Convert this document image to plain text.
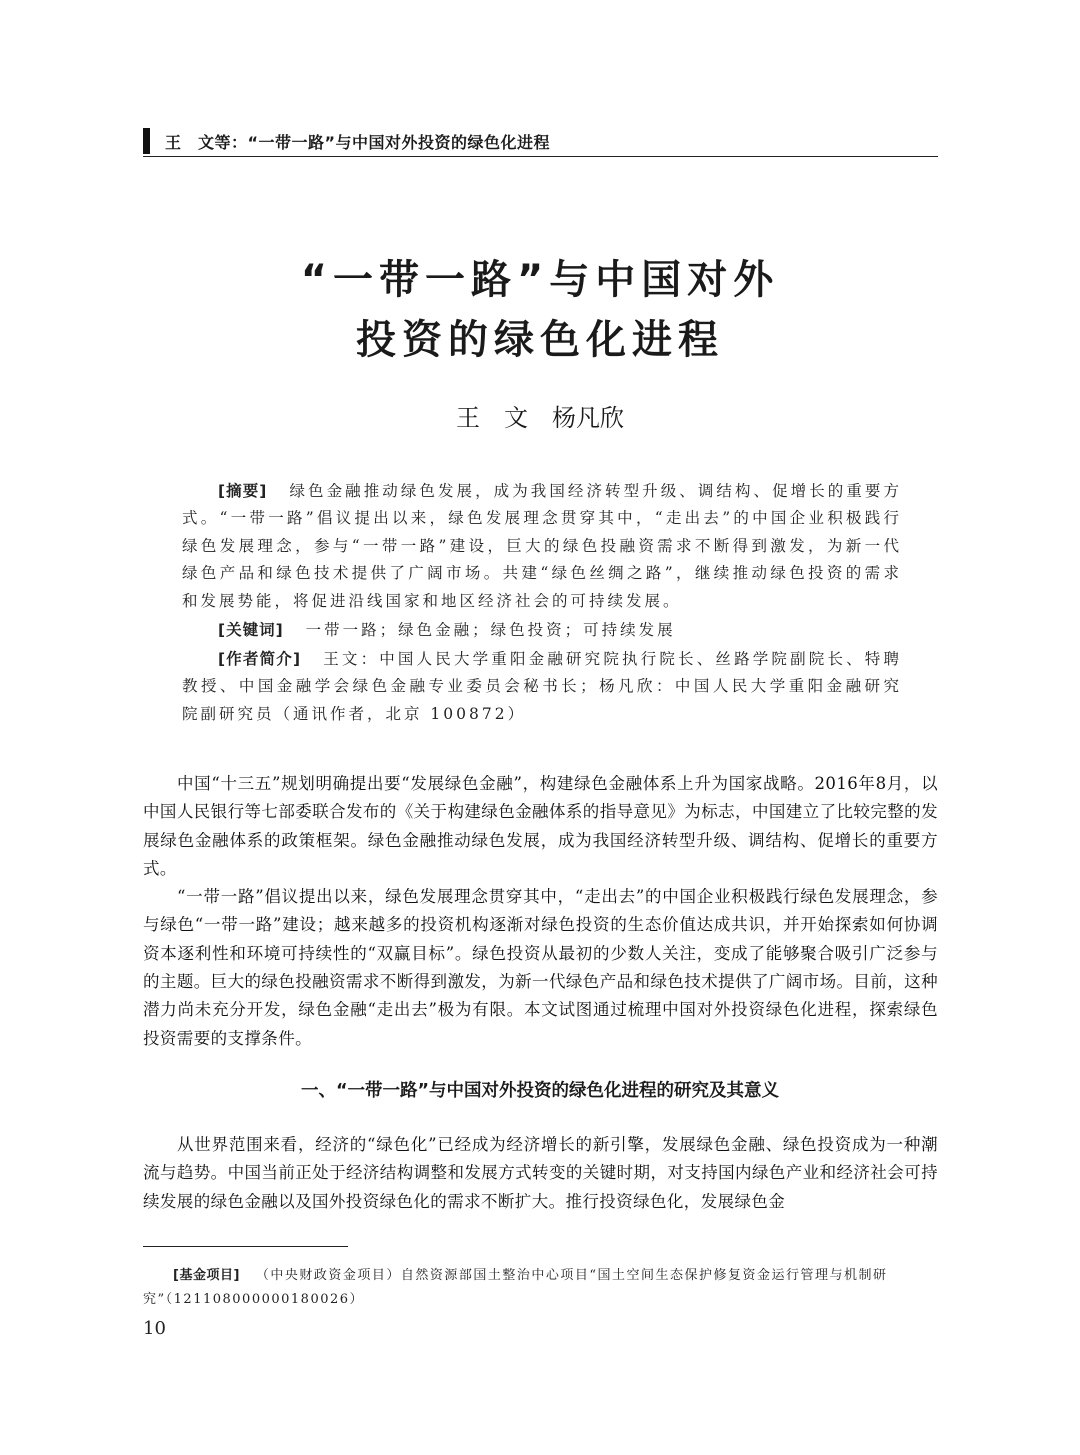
王　文等：“一带一路”与中国对外投资的绿色化进程
“一带一路”与中国对外
投资的绿色化进程
王　文　杨凡欣
[摘要] 绿色金融推动绿色发展，成为我国经济转型升级、调结构、促增长的重要方式。“一带一路”倡议提出以来，绿色发展理念贯穿其中，“走出去”的中国企业积极践行绿色发展理念，参与“一带一路”建设，巨大的绿色投融资需求不断得到激发，为新一代绿色产品和绿色技术提供了广阔市场。共建“绿色丝绸之路”，继续推动绿色投资的需求和发展势能，将促进沿线国家和地区经济社会的可持续发展。
[关键词] 一带一路；绿色金融；绿色投资；可持续发展
[作者简介] 王文：中国人民大学重阳金融研究院执行院长、丝路学院副院长、特聘教授、中国金融学会绿色金融专业委员会秘书长；杨凡欣：中国人民大学重阳金融研究院副研究员（通讯作者，北京 100872）

中国“十三五”规划明确提出要“发展绿色金融”，构建绿色金融体系上升为国家战略。2016年8月，以中国人民银行等七部委联合发布的《关于构建绿色金融体系的指导意见》为标志，中国建立了比较完整的发展绿色金融体系的政策框架。绿色金融推动绿色发展，成为我国经济转型升级、调结构、促增长的重要方式。

“一带一路”倡议提出以来，绿色发展理念贯穿其中，“走出去”的中国企业积极践行绿色发展理念，参与绿色“一带一路”建设；越来越多的投资机构逐渐对绿色投资的生态价值达成共识，并开始探索如何协调资本逐利性和环境可持续性的“双赢目标”。绿色投资从最初的少数人关注，变成了能够聚合吸引广泛参与的主题。巨大的绿色投融资需求不断得到激发，为新一代绿色产品和绿色技术提供了广阔市场。目前，这种潜力尚未充分开发，绿色金融“走出去”极为有限。本文试图通过梳理中国对外投资绿色化进程，探索绿色投资需要的支撑条件。

一、“一带一路”与中国对外投资的绿色化进程的研究及其意义

从世界范围来看，经济的“绿色化”已经成为经济增长的新引擎，发展绿色金融、绿色投资成为一种潮流与趋势。中国当前正处于经济结构调整和发展方式转变的关键时期，对支持国内绿色产业和经济社会可持续发展的绿色金融以及国外投资绿色化的需求不断扩大。推行投资绿色化，发展绿色金

[基金项目] （中央财政资金项目）自然资源部国土整治中心项目“国土空间生态保护修复资金运行管理与机制研究”（121108000000180026）
10
